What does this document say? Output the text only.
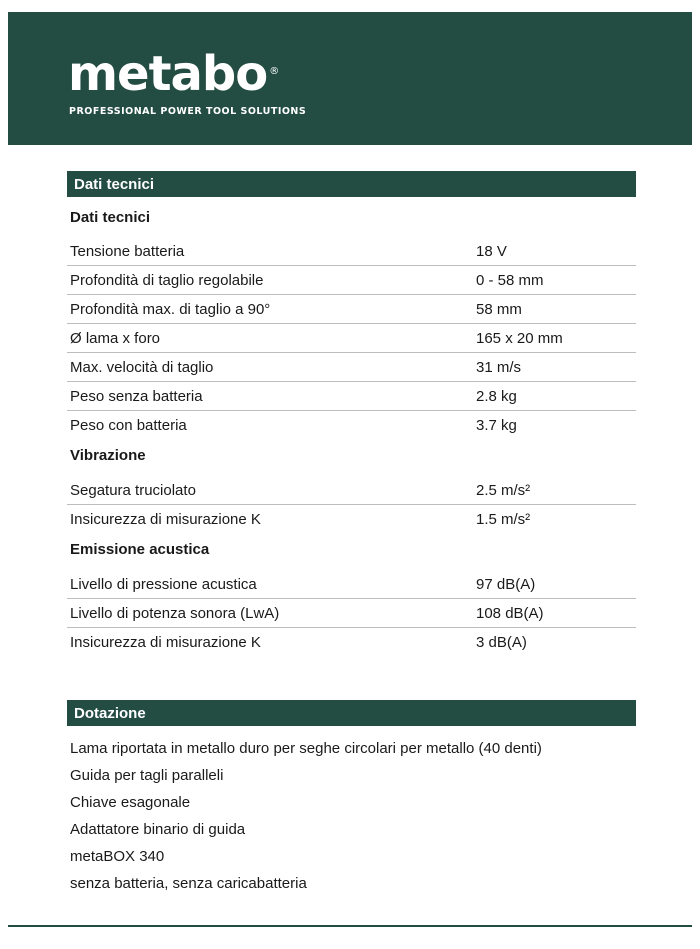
metabo ®
PROFESSIONAL POWER TOOL SOLUTIONS
Dati tecnici
Dati tecnici
Tensione batteria	18 V
Profondità di taglio regolabile	0 - 58 mm
Profondità max. di taglio a 90°	58 mm
Ø lama x foro	165 x 20 mm
Max. velocità di taglio	31 m/s
Peso senza batteria	2.8 kg
Peso con batteria	3.7 kg
Vibrazione
Segatura truciolato	2.5 m/s²
Insicurezza di misurazione K	1.5 m/s²
Emissione acustica
Livello di pressione acustica	97 dB(A)
Livello di potenza sonora (LwA)	108 dB(A)
Insicurezza di misurazione K	3 dB(A)
Dotazione
Lama riportata in metallo duro per seghe circolari per metallo (40 denti)
Guida per tagli paralleli
Chiave esagonale
Adattatore binario di guida
metaBOX 340
senza batteria, senza caricabatteria
